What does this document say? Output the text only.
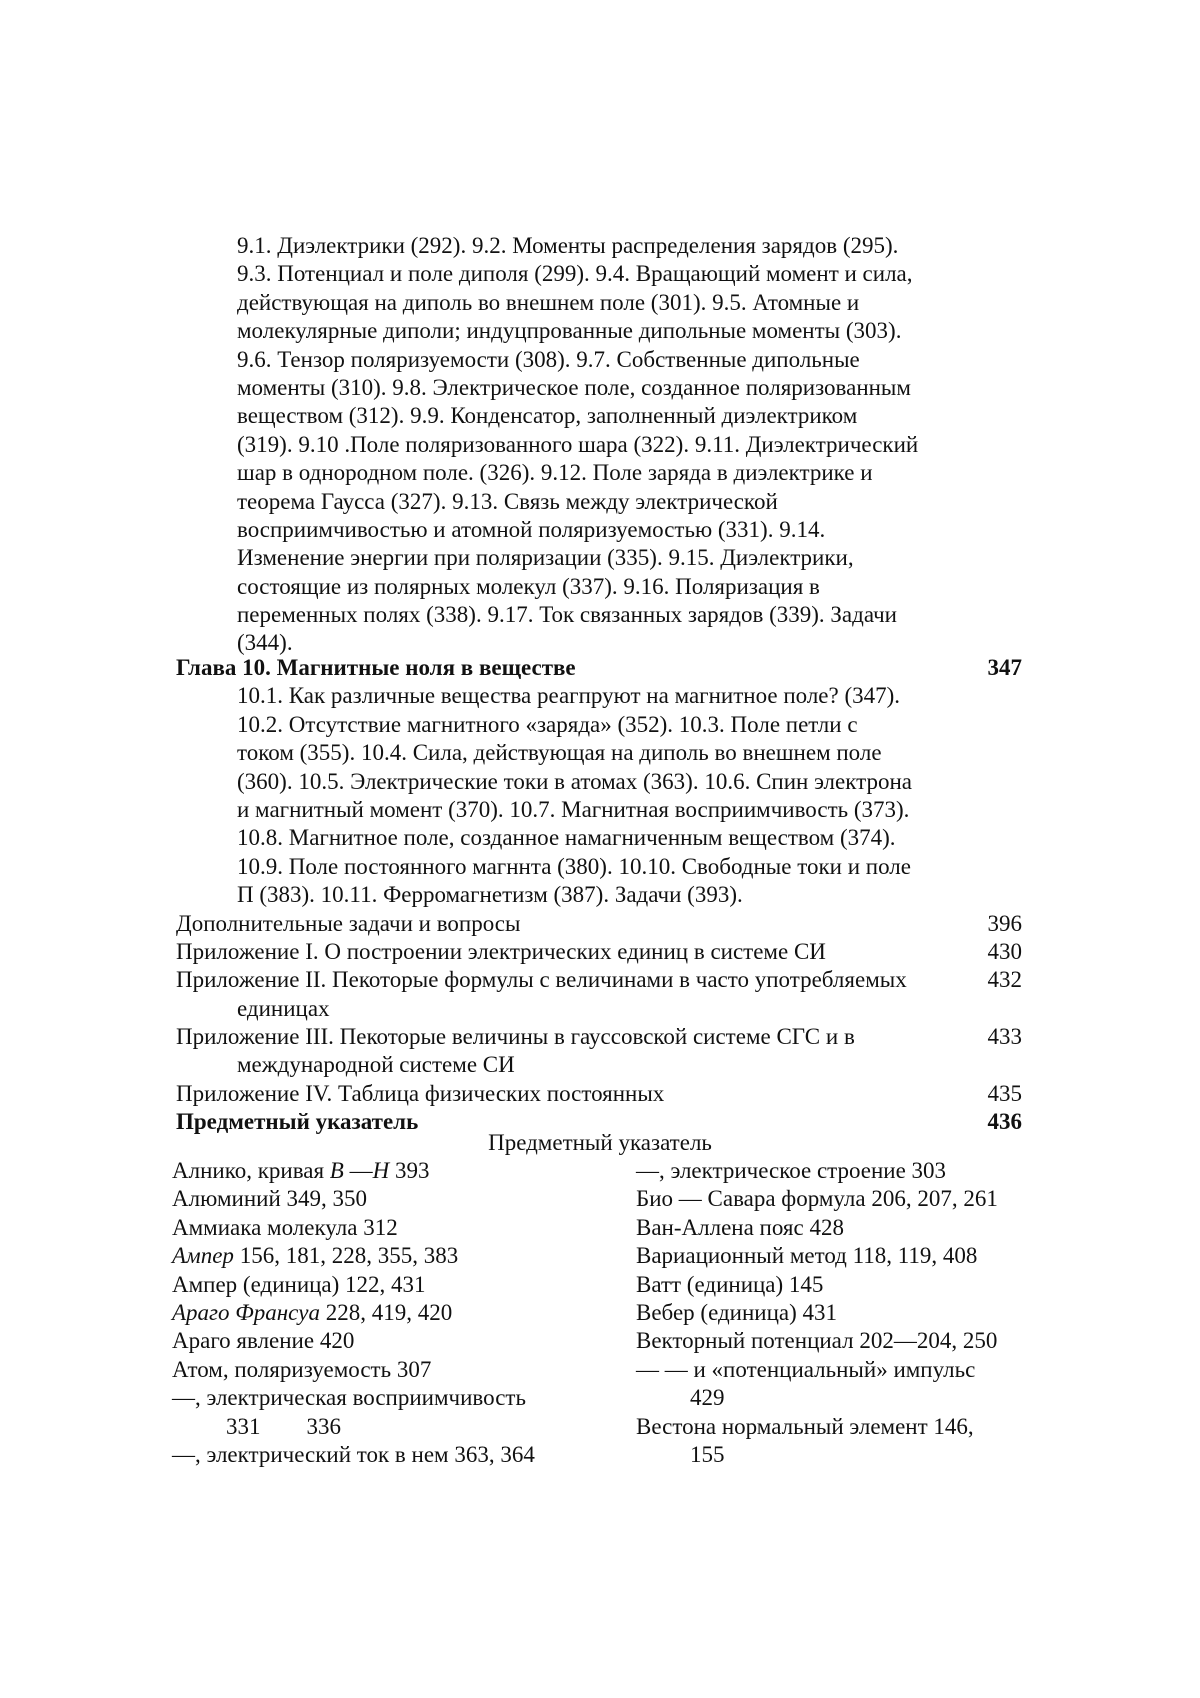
9.1. Диэлектрики (292). 9.2. Моменты распределения зарядов (295).
9.3. Потенциал и поле диполя (299). 9.4. Вращающий момент и сила,
действующая на диполь во внешнем поле (301). 9.5. Атомные и
молекулярные диполи; индуцпрованные дипольные моменты (303).
9.6. Тензор поляризуемости (308). 9.7. Собственные дипольные
моменты (310). 9.8. Электрическое поле, созданное поляризованным
веществом (312). 9.9. Конденсатор, заполненный диэлектриком
(319). 9.10 .Поле поляризованного шара (322). 9.11. Диэлектрический
шар в однородном поле. (326). 9.12. Поле заряда в диэлектрике и
теорема Гаусса (327). 9.13. Связь между электрической
восприимчивостью и атомной поляризуемостью (331). 9.14.
Изменение энергии при поляризации (335). 9.15. Диэлектрики,
состоящие из полярных молекул (337). 9.16. Поляризация в
переменных полях (338). 9.17. Ток связанных зарядов (339). Задачи
(344).
Глава 10. Магнитные ноля в веществе	347
10.1. Как различные вещества реагпруют на магнитное поле? (347).
10.2. Отсутствие магнитного «заряда» (352). 10.3. Поле петли с
током (355). 10.4. Сила, действующая на диполь во внешнем поле
(360). 10.5. Электрические токи в атомах (363). 10.6. Спин электрона
и магнитный момент (370). 10.7. Магнитная восприимчивость (373).
10.8. Магнитное поле, созданное намагниченным веществом (374).
10.9. Поле постоянного магннта (380). 10.10. Свободные токи и поле
П (383). 10.11. Ферромагнетизм (387). Задачи (393).
Дополнительные задачи и вопросы	396
Приложение I. О построении электрических единиц в системе СИ	430
Приложение II. Пекоторые формулы с величинами в часто употребляемых	432
единицах
Приложение III. Пекоторые величины в гауссовской системе СГС и в	433
международной системе СИ
Приложение IV. Таблица физических постоянных	435
Предметный указатель	436
Предметный указатель
Алнико, кривая B —H 393
Алюминий 349, 350
Аммиака молекула 312
Ампер 156, 181, 228, 355, 383
Ампер (единица) 122, 431
Араго Франсуа 228, 419, 420
Араго явление 420
Атом, поляризуемость 307
—, электрическая восприимчивость
331 336
—, электрический ток в нем 363, 364
—, электрическое строение 303
Био — Савара формула 206, 207, 261
Ван-Аллена пояс 428
Вариационный метод 118, 119, 408
Ватт (единица) 145
Вебер (единица) 431
Векторный потенциал 202—204, 250
— — и «потенциальный» импульс
429
Вестона нормальный элемент 146,
155
